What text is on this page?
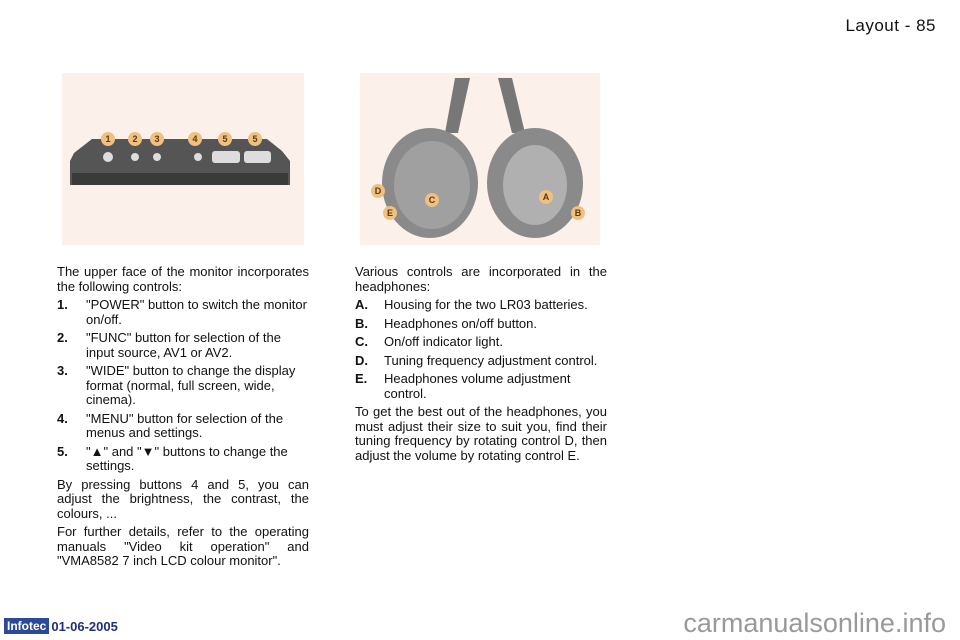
Layout - 85
1 2 3	4	5	5
D
E
C	A
B

The upper face of the monitor incorporates the following controls:

1.	"POWER" button to switch the monitor on/off.
2.	"FUNC" button for selection of the input source, AV1 or AV2.
3.	"WIDE" button to change the display format (normal, full screen, wide, cinema).
4.	"MENU" button for selection of the menus and settings.
5.	"▲" and "▼" buttons to change the settings.

By pressing buttons 4 and 5, you can adjust the brightness, the contrast, the colours, ...

For further details, refer to the operating manuals "Video kit operation" and "VMA8582 7 inch LCD colour monitor".

Various controls are incorporated in the headphones:

A.	Housing for the two LR03 batteries.
B.	Headphones on/off button.
C.	On/off indicator light.
D.	Tuning frequency adjustment control.
E.	Headphones volume adjustment control.

To get the best out of the headphones, you must adjust their size to suit you, find their tuning frequency by rotating control D, then adjust the volume by rotating control E.

Infotec 01-06-2005	carmanualsonline.info
